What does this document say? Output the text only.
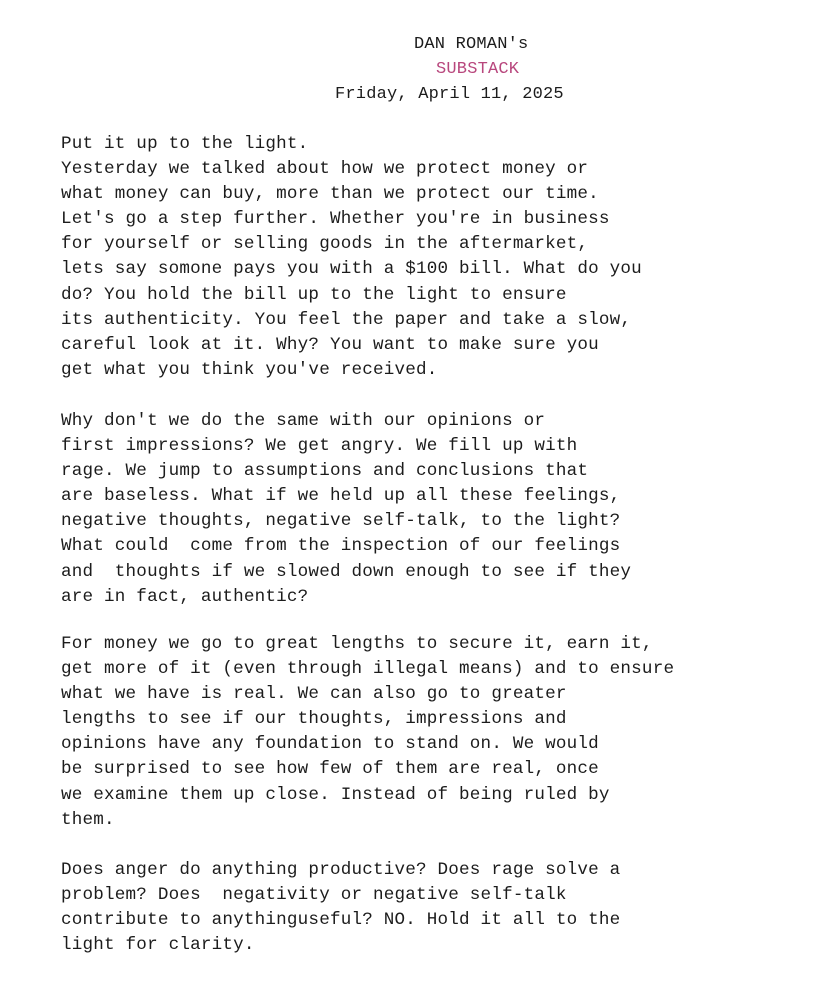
DAN ROMAN's
SUBSTACK
Friday, April 11, 2025
Put it up to the light.
Yesterday we talked about how we protect money or
what money can buy, more than we protect our time.
Let's go a step further. Whether you're in business
for yourself or selling goods in the aftermarket,
lets say somone pays you with a $100 bill. What do you
do? You hold the bill up to the light to ensure
its authenticity. You feel the paper and take a slow,
careful look at it. Why? You want to make sure you
get what you think you've received.
Why don't we do the same with our opinions or
first impressions? We get angry. We fill up with
rage. We jump to assumptions and conclusions that
are baseless. What if we held up all these feelings,
negative thoughts, negative self-talk, to the light?
What could  come from the inspection of our feelings
and  thoughts if we slowed down enough to see if they
are in fact, authentic?
For money we go to great lengths to secure it, earn it,
get more of it (even through illegal means) and to ensure
what we have is real. We can also go to greater
lengths to see if our thoughts, impressions and
opinions have any foundation to stand on. We would
be surprised to see how few of them are real, once
we examine them up close. Instead of being ruled by
them.
Does anger do anything productive? Does rage solve a
problem? Does  negativity or negative self-talk
contribute to anythinguseful? NO. Hold it all to the
light for clarity.
